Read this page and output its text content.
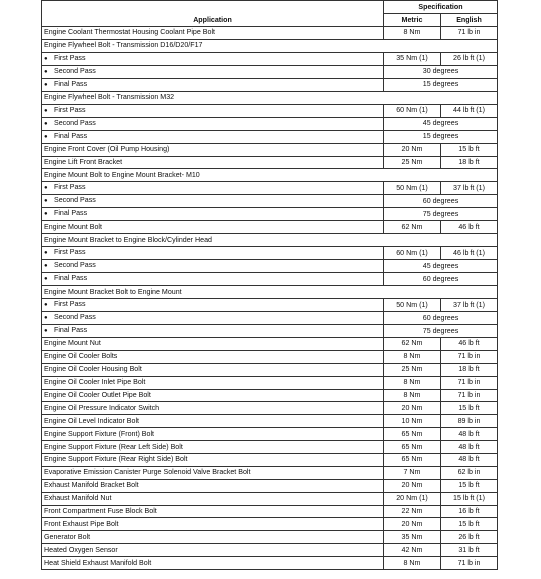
Application	Specification	
	Metric	English
Engine Coolant Thermostat Housing Coolant Pipe Bolt	8 Nm	71 lb in
Engine Flywheel Bolt - Transmission D16/D20/F17		
● First Pass	35 Nm (1)	26 lb ft (1)
● Second Pass	30 degrees	
● Final Pass	15 degrees	
Engine Flywheel Bolt - Transmission M32		
● First Pass	60 Nm (1)	44 lb ft (1)
● Second Pass	45 degrees	
● Final Pass	15 degrees	
Engine Front Cover (Oil Pump Housing)	20 Nm	15 lb ft
Engine Lift Front Bracket	25 Nm	18 lb ft
Engine Mount Bolt to Engine Mount Bracket- M10		
● First Pass	50 Nm (1)	37 lb ft (1)
● Second Pass	60 degrees	
● Final Pass	75 degrees	
Engine Mount Bolt	62 Nm	46 lb ft
Engine Mount Bracket to Engine Block/Cylinder Head		
● First Pass	60 Nm (1)	46 lb ft (1)
● Second Pass	45 degrees	
● Final Pass	60 degrees	
Engine Mount Bracket Bolt to Engine Mount		
● First Pass	50 Nm (1)	37 lb ft (1)
● Second Pass	60 degrees	
● Final Pass	75 degrees	
Engine Mount Nut	62 Nm	46 lb ft
Engine Oil Cooler Bolts	8 Nm	71 lb in
Engine Oil Cooler Housing Bolt	25 Nm	18 lb ft
Engine Oil Cooler Inlet Pipe Bolt	8 Nm	71 lb in
Engine Oil Cooler Outlet Pipe Bolt	8 Nm	71 lb in
Engine Oil Pressure Indicator Switch	20 Nm	15 lb ft
Engine Oil Level Indicator Bolt	10 Nm	89 lb in
Engine Support Fixture (Front) Bolt	65 Nm	48 lb ft
Engine Support Fixture (Rear Left Side) Bolt	65 Nm	48 lb ft
Engine Support Fixture (Rear Right Side) Bolt	65 Nm	48 lb ft
Evaporative Emission Canister Purge Solenoid Valve Bracket Bolt	7 Nm	62 lb in
Exhaust Manifold Bracket Bolt	20 Nm	15 lb ft
Exhaust Manifold Nut	20 Nm (1)	15 lb ft (1)
Front Compartment Fuse Block Bolt	22 Nm	16 lb ft
Front Exhaust Pipe Bolt	20 Nm	15 lb ft
Generator Bolt	35 Nm	26 lb ft
Heated Oxygen Sensor	42 Nm	31 lb ft
Heat Shield Exhaust Manifold Bolt	8 Nm	71 lb in
